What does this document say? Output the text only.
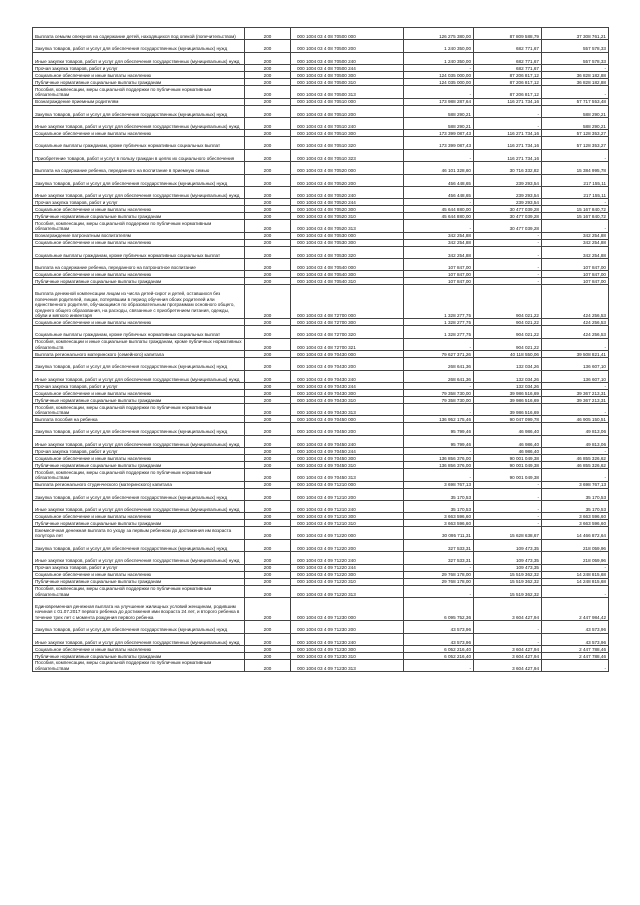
Выплата семьям опекунов на содержание детей, находящихся под опекой (попечительством)	200	000 1004 03 4 08 70500 000	126 275 380,00	87 809 588,79	37 308 761,21
Закупка товаров, работ и услуг для обеспечения государственных (муниципальных) нужд	200	000 1004 03 4 08 70500 200	1 240 350,00	682 771,67	557 578,33
Иные закупки товаров, работ и услуг для обеспечения государственных (муниципальных) нужд	200	000 1004 03 4 08 70500 240	1 240 350,00	682 771,67	557 578,33
Прочая закупка товаров, работ и услуг	200	000 1004 03 4 08 70500 244	-	682 771,67	-
Социальное обеспечение и иные выплаты населению	200	000 1004 03 4 08 70500 300	124 035 000,00	87 206 817,12	36 828 182,88
Публичные нормативные социальные выплаты гражданам	200	000 1004 03 4 08 70500 310	124 035 000,00	87 206 817,12	36 828 182,88
Пособия, компенсации, меры социальной поддержки по публичным нормативным обязательствам	200	000 1004 03 4 08 70500 313	-	87 206 817,12	-
Вознаграждение приемным родителям	200	000 1004 03 4 08 70510 000	173 988 287,64	116 271 734,16	57 717 553,48
Закупка товаров, работ и услуг для обеспечения государственных (муниципальных) нужд	200	000 1004 03 4 08 70510 200	588 290,21	-	588 290,21
Иные закупки товаров, работ и услуг для обеспечения государственных (муниципальных) нужд	200	000 1004 03 4 08 70510 240	588 290,21	-	588 290,21
Социальное обеспечение и иные выплаты населению	200	000 1004 03 4 08 70510 300	173 399 087,43	116 271 734,16	57 128 353,27
Социальные выплаты гражданам, кроме публичных нормативных социальных выплат	200	000 1004 03 4 08 70510 320	173 399 087,43	116 271 734,16	57 128 353,27
Приобретение товаров, работ и услуг в пользу граждан в целях их социального обеспечения	200	000 1004 03 4 08 70510 323	-	116 271 734,16	-
Выплата на содержание ребенка, переданного на воспитание в приемную семью	200	000 1004 03 4 08 70520 000	46 101 328,60	30 716 332,82	15 384 995,78
Закупка товаров, работ и услуг для обеспечения государственных (муниципальных) нужд	200	000 1004 03 4 08 70520 200	456 448,65	239 293,54	217 155,11
Иные закупки товаров, работ и услуг для обеспечения государственных (муниципальных) нужд	200	000 1004 03 4 08 70520 240	456 448,65	239 293,54	217 155,11
Прочая закупка товаров, работ и услуг	200	000 1004 03 4 08 70520 244	-	239 293,54	-
Социальное обеспечение и иные выплаты населению	200	000 1004 03 4 08 70520 300	45 644 880,00	30 477 039,28	15 167 840,72
Публичные нормативные социальные выплаты гражданам	200	000 1004 03 4 08 70520 310	45 644 880,00	30 477 039,28	15 167 840,72
Пособия, компенсации, меры социальной поддержки по публичным нормативным обязательствам	200	000 1004 03 4 08 70520 313	-	30 477 039,28	-
Вознаграждение патронатным воспитателям	200	000 1004 03 4 08 70530 000	342 254,88	-	342 254,88
Социальное обеспечение и иные выплаты населению	200	000 1004 03 4 08 70530 300	342 254,88	-	342 254,88
Социальные выплаты гражданам, кроме публичных нормативных социальных выплат	200	000 1004 03 4 08 70530 320	342 254,88	-	342 254,88
Выплата на содержание ребенка, переданного на патронатное воспитание	200	000 1004 03 4 08 70540 000	107 847,00	-	107 847,00
Социальное обеспечение и иные выплаты населению	200	000 1004 03 4 08 70540 300	107 847,00	-	107 847,00
Публичные нормативные социальные выплаты гражданам	200	000 1004 03 4 08 70540 310	107 847,00	-	107 847,00
Выплата денежной компенсации лицам из числа детей-сирот и детей, оставшихся без попечения родителей, лицам, потерявшим в период обучения обоих родителей или единственного родителя, обучающимся по образовательным программам основного общего, среднего общего образования, на расходы, связанные с приобретением питания, одежды, обуви и мягкого инвентаря	200	000 1004 03 4 08 72700 000	1 328 277,75	904 021,22	424 256,53
Социальное обеспечение и иные выплаты населению	200	000 1004 03 4 08 72700 300	1 328 277,75	904 021,22	424 256,53
Социальные выплаты гражданам, кроме публичных нормативных социальных выплат	200	000 1004 03 4 08 72700 320	1 328 277,75	904 021,22	424 256,53
Пособия, компенсации и иные социальные выплаты гражданам, кроме публичных нормативных обязательств	200	000 1004 03 4 08 72700 321	-	904 021,22	-
Выплата регионального материнского (семейного) капитала	200	000 1004 03 4 09 70430 000	79 627 371,26	40 118 550,06	39 508 821,41
Закупка товаров, работ и услуг для обеспечения государственных (муниципальных) нужд	200	000 1004 03 4 09 70430 200	268 641,36	132 034,26	136 607,10
Иные закупки товаров, работ и услуг для обеспечения государственных (муниципальных) нужд	200	000 1004 03 4 09 70430 240	268 641,36	132 034,26	136 607,10
Прочая закупка товаров, работ и услуг	200	000 1004 03 4 09 70430 244	-	132 034,26	-
Социальное обеспечение и иные выплаты населению	200	000 1004 03 4 09 70430 300	79 358 730,00	39 986 516,69	39 367 213,31
Публичные нормативные социальные выплаты гражданам	200	000 1004 03 4 09 70430 310	79 358 730,00	39 986 516,69	39 367 213,31
Пособия, компенсации, меры социальной поддержки по публичным нормативным обязательствам	200	000 1004 03 4 09 70430 313	-	39 986 516,69	-
Выплата пособия на ребенка	200	000 1004 03 4 09 70450 000	136 952 175,46	90 047 099,78	46 905 150,51
Закупка товаров, работ и услуг для обеспечения государственных (муниципальных) нужд	200	000 1004 03 4 09 70450 200	95 799,46	46 986,40	49 813,06
Иные закупки товаров, работ и услуг для обеспечения государственных (муниципальных) нужд	200	000 1004 03 4 09 70450 240	95 799,46	46 986,40	49 813,06
Прочая закупка товаров, работ и услуг	200	000 1004 03 4 09 70450 244	-	46 986,40	-
Социальное обеспечение и иные выплаты населению	200	000 1004 03 4 09 70450 300	136 856 376,00	90 001 049,38	46 855 326,62
Публичные нормативные социальные выплаты гражданам	200	000 1004 03 4 09 70450 310	136 856 376,00	90 001 049,38	46 855 326,62
Пособия, компенсации, меры социальной поддержки по публичным нормативным обязательствам	200	000 1004 03 4 09 70450 313	-	90 001 049,38	-
Выплата регионального студенческого (материнского) капитала	200	000 1004 03 4 09 71210 000	3 698 767,13	-	3 698 767,13
Закупка товаров, работ и услуг для обеспечения государственных (муниципальных) нужд	200	000 1004 03 4 09 71210 200	35 170,53	-	35 170,53
Иные закупки товаров, работ и услуг для обеспечения государственных (муниципальных) нужд	200	000 1004 03 4 09 71210 240	35 170,53	-	35 170,53
Социальное обеспечение и иные выплаты населению	200	000 1004 03 4 09 71210 300	3 663 596,60	-	3 663 596,60
Публичные нормативные социальные выплаты гражданам	200	000 1004 03 4 09 71210 310	3 663 596,60	-	3 663 596,60
Ежемесячная денежная выплата по уходу за первым ребенком до достижения им возраста полутора лет	200	000 1004 03 4 09 71220 000	30 095 711,31	15 628 638,67	14 466 872,64
Закупка товаров, работ и услуг для обеспечения государственных (муниципальных) нужд	200	000 1004 03 4 09 71220 200	327 533,31	109 473,35	218 059,96
Иные закупки товаров, работ и услуг для обеспечения государственных (муниципальных) нужд	200	000 1004 03 4 09 71220 240	327 533,31	109 473,35	218 059,96
Прочая закупка товаров, работ и услуг	200	000 1004 03 4 09 71220 244	-	109 473,35	-
Социальное обеспечение и иные выплаты населению	200	000 1004 03 4 09 71220 300	29 768 178,00	15 519 362,32	14 248 815,68
Публичные нормативные социальные выплаты гражданам	200	000 1004 03 4 09 71220 310	29 768 178,00	15 519 362,32	14 248 815,68
Пособия, компенсации, меры социальной поддержки по публичным нормативным обязательствам	200	000 1004 03 4 09 71220 313	-	15 519 362,32	-
Единовременная денежная выплата на улучшение жилищных условий женщинам, родившим начиная с 01.07.2017 первого ребенка до достижения ими возраста 24 лет, и второго ребенка в течение трех лет с момента рождения первого ребенка	200	000 1004 03 4 09 71230 000	6 095 752,36	3 604 427,94	2 447 984,42
Закупка товаров, работ и услуг для обеспечения государственных (муниципальных) нужд	200	000 1004 03 4 09 71230 200	43 573,96	-	43 573,96
Иные закупки товаров, работ и услуг для обеспечения государственных (муниципальных) нужд	200	000 1004 03 4 09 71230 240	43 573,96	-	43 573,96
Социальное обеспечение и иные выплаты населению	200	000 1004 03 4 09 71230 300	6 052 216,40	3 604 427,94	2 447 788,46
Публичные нормативные социальные выплаты гражданам	200	000 1004 03 4 09 71230 310	6 052 216,40	3 604 427,94	2 447 788,46
Пособия, компенсации, меры социальной поддержки по публичным нормативным обязательствам	200	000 1004 03 4 09 71230 313	-	3 604 427,94	-
